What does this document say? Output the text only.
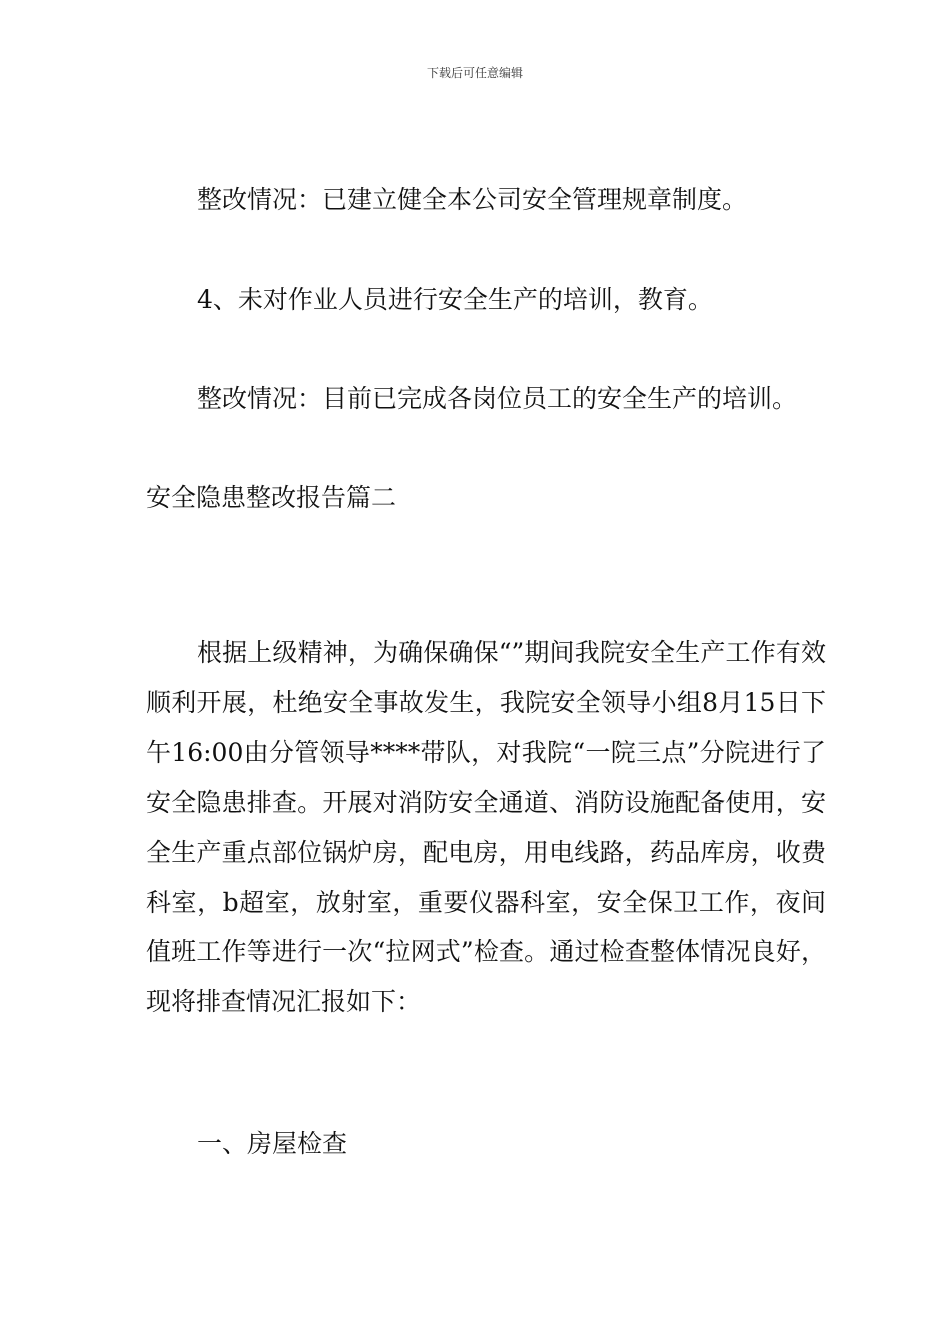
下载后可任意编辑
整改情况：已建立健全本公司安全管理规章制度。
4、未对作业人员进行安全生产的培训，教育。
整改情况：目前已完成各岗位员工的安全生产的培训。
安全隐患整改报告篇二
根据上级精神，为确保确保“”期间我院安全生产工作有效顺利开展，杜绝安全事故发生，我院安全领导小组8月15日下午16:00由分管领导****带队，对我院“一院三点”分院进行了安全隐患排查。开展对消防安全通道、消防设施配备使用，安全生产重点部位锅炉房，配电房，用电线路，药品库房，收费科室，b超室，放射室，重要仪器科室，安全保卫工作，夜间值班工作等进行一次“拉网式”检查。通过检查整体情况良好，现将排查情况汇报如下：
一、房屋检查
